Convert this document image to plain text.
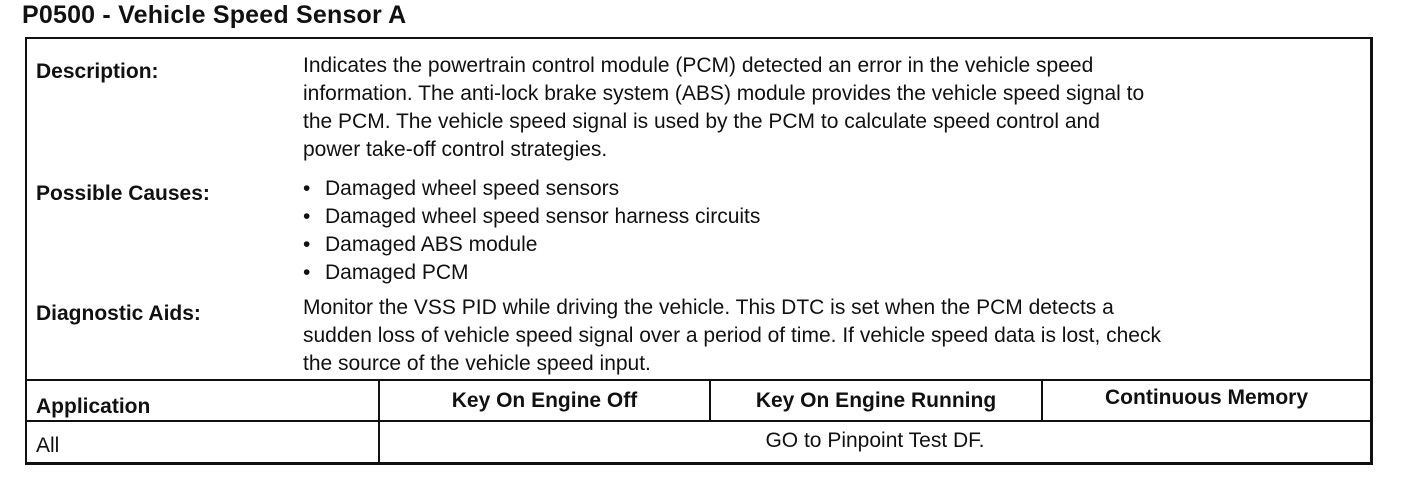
P0500 - Vehicle Speed Sensor A
Description:	Indicates the powertrain control module (PCM) detected an error in the vehicle speed
information. The anti-lock brake system (ABS) module provides the vehicle speed signal to
the PCM. The vehicle speed signal is used by the PCM to calculate speed control and
power take-off control strategies.
Possible Causes:
•	Damaged wheel speed sensors
• Damaged wheel speed sensor harness circuits
• Damaged ABS module
• Damaged PCM
Diagnostic Aids:	Monitor the VSS PID while driving the vehicle. This DTC is set when the PCM detects a
sudden loss of vehicle speed signal over a period of time. If vehicle speed data is lost, check
the source of the vehicle speed input.
Application	Key On Engine Off	Key On Engine Running	Continuous Memory
All	GO to Pinpoint Test DF.
